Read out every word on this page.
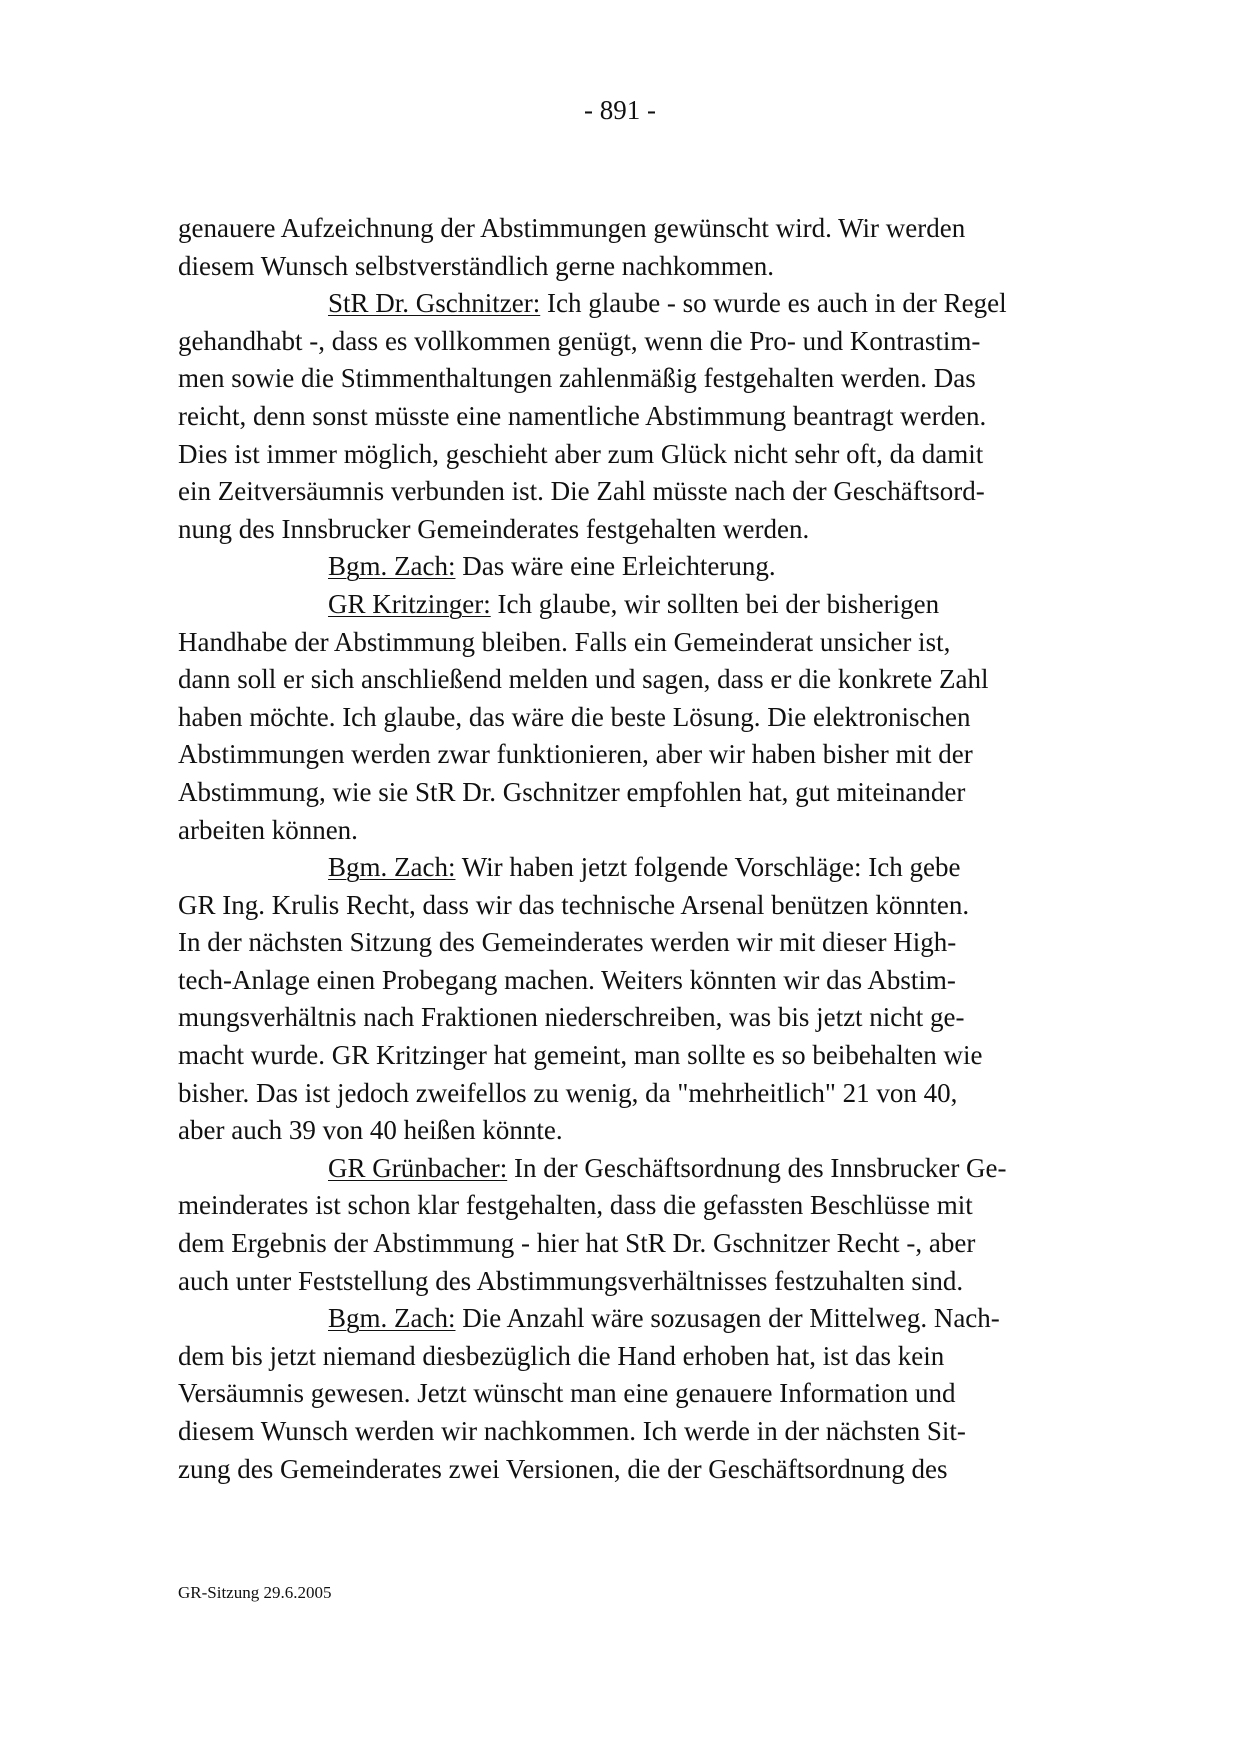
- 891 -
genauere Aufzeichnung der Abstimmungen gewünscht wird. Wir werden
diesem Wunsch selbstverständlich gerne nachkommen.
StR Dr. Gschnitzer: Ich glaube - so wurde es auch in der Regel
gehandhabt -, dass es vollkommen genügt, wenn die Pro- und Kontrastim-
men sowie die Stimmenthaltungen zahlenmäßig festgehalten werden. Das
reicht, denn sonst müsste eine namentliche Abstimmung beantragt werden.
Dies ist immer möglich, geschieht aber zum Glück nicht sehr oft, da damit
ein Zeitversäumnis verbunden ist. Die Zahl müsste nach der Geschäftsord-
nung des Innsbrucker Gemeinderates festgehalten werden.
Bgm. Zach: Das wäre eine Erleichterung.
GR Kritzinger: Ich glaube, wir sollten bei der bisherigen
Handhabe der Abstimmung bleiben. Falls ein Gemeinderat unsicher ist,
dann soll er sich anschließend melden und sagen, dass er die konkrete Zahl
haben möchte. Ich glaube, das wäre die beste Lösung. Die elektronischen
Abstimmungen werden zwar funktionieren, aber wir haben bisher mit der
Abstimmung, wie sie StR Dr. Gschnitzer empfohlen hat, gut miteinander
arbeiten können.
Bgm. Zach: Wir haben jetzt folgende Vorschläge: Ich gebe
GR Ing. Krulis Recht, dass wir das technische Arsenal benützen könnten.
In der nächsten Sitzung des Gemeinderates werden wir mit dieser High-
tech-Anlage einen Probegang machen. Weiters könnten wir das Abstim-
mungsverhältnis nach Fraktionen niederschreiben, was bis jetzt nicht ge-
macht wurde. GR Kritzinger hat gemeint, man sollte es so beibehalten wie
bisher. Das ist jedoch zweifellos zu wenig, da "mehrheitlich" 21 von 40,
aber auch 39 von 40 heißen könnte.
GR Grünbacher: In der Geschäftsordnung des Innsbrucker Ge-
meinderates ist schon klar festgehalten, dass die gefassten Beschlüsse mit
dem Ergebnis der Abstimmung - hier hat StR Dr. Gschnitzer Recht -, aber
auch unter Feststellung des Abstimmungsverhältnisses festzuhalten sind.
Bgm. Zach: Die Anzahl wäre sozusagen der Mittelweg. Nach-
dem bis jetzt niemand diesbezüglich die Hand erhoben hat, ist das kein
Versäumnis gewesen. Jetzt wünscht man eine genauere Information und
diesem Wunsch werden wir nachkommen. Ich werde in der nächsten Sit-
zung des Gemeinderates zwei Versionen, die der Geschäftsordnung des
GR-Sitzung 29.6.2005
